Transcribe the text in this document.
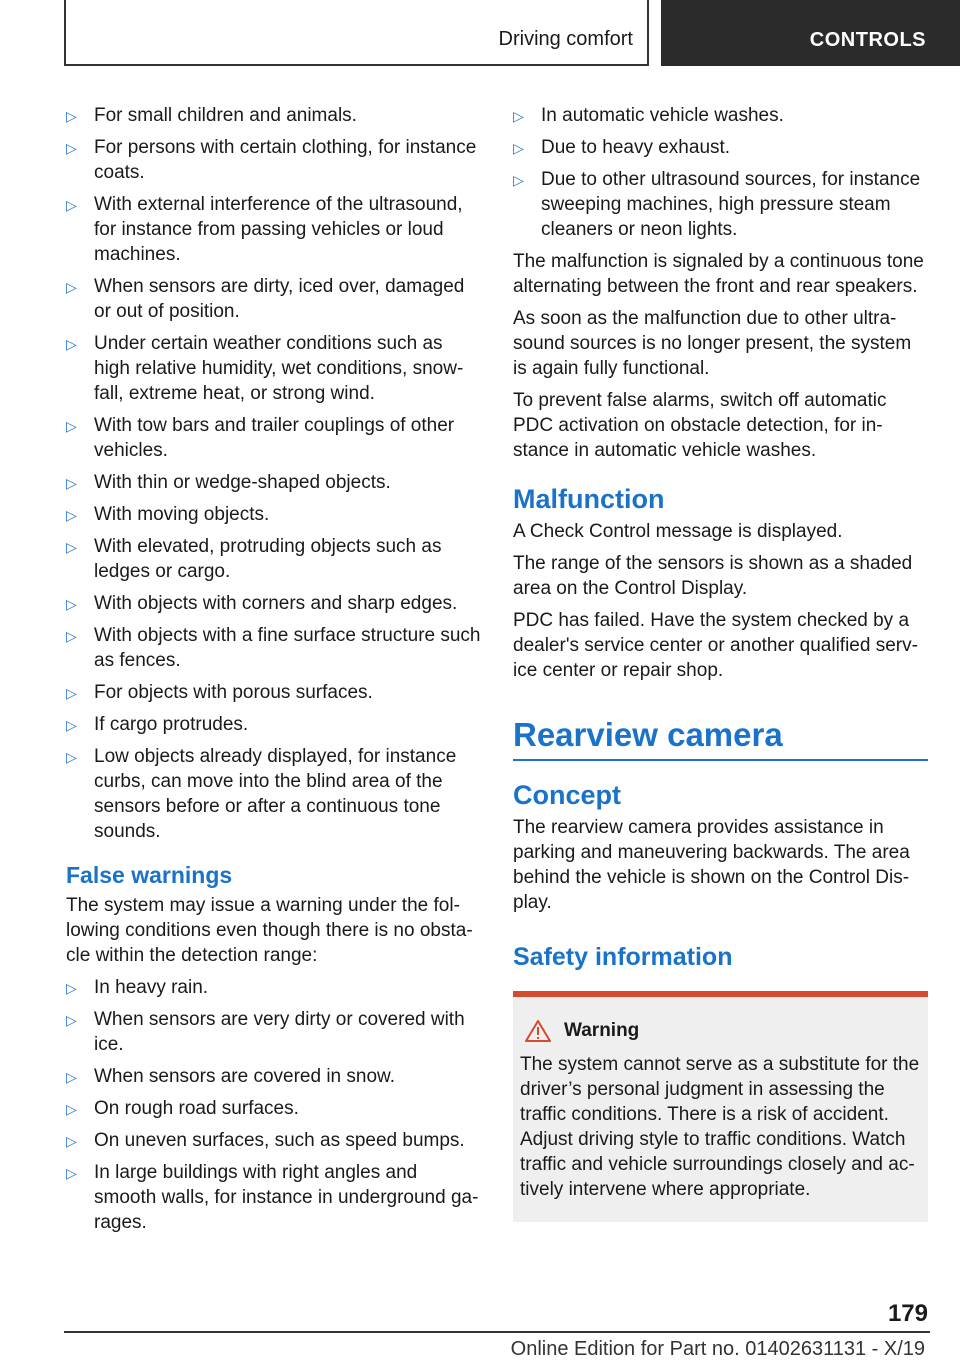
Driving comfort	CONTROLS
▷ For small children and animals.
▷ For persons with certain clothing, for instance coats.
▷ With external interference of the ultrasound, for instance from passing vehicles or loud machines.
▷ When sensors are dirty, iced over, damaged or out of position.
▷ Under certain weather conditions such as high relative humidity, wet conditions, snow-fall, extreme heat, or strong wind.
▷ With tow bars and trailer couplings of other vehicles.
▷ With thin or wedge-shaped objects.
▷ With moving objects.
▷ With elevated, protruding objects such as ledges or cargo.
▷ With objects with corners and sharp edges.
▷ With objects with a fine surface structure such as fences.
▷ For objects with porous surfaces.
▷ If cargo protrudes.
▷ Low objects already displayed, for instance curbs, can move into the blind area of the sensors before or after a continuous tone sounds.
False warnings

The system may issue a warning under the fol-lowing conditions even though there is no obsta-cle within the detection range:

▷ In heavy rain.
▷ When sensors are very dirty or covered with ice.
▷ When sensors are covered in snow.
▷ On rough road surfaces.
▷ On uneven surfaces, such as speed bumps.
▷ In large buildings with right angles and smooth walls, for instance in underground ga-rages.
▷ In automatic vehicle washes.
▷ Due to heavy exhaust.
▷ Due to other ultrasound sources, for instance sweeping machines, high pressure steam cleaners or neon lights.

The malfunction is signaled by a continuous tone alternating between the front and rear speakers.

As soon as the malfunction due to other ultra-sound sources is no longer present, the system is again fully functional.

To prevent false alarms, switch off automatic PDC activation on obstacle detection, for in-stance in automatic vehicle washes.

Malfunction

A Check Control message is displayed.

The range of the sensors is shown as a shaded area on the Control Display.

PDC has failed. Have the system checked by a dealer's service center or another qualified serv-ice center or repair shop.

Rearview camera
Concept

The rearview camera provides assistance in parking and maneuvering backwards. The area behind the vehicle is shown on the Control Dis-play.

Safety information
Warning

The system cannot serve as a substitute for the driver’s personal judgment in assessing the traffic conditions. There is a risk of accident. Adjust driving style to traffic conditions. Watch traffic and vehicle surroundings closely and ac-tively intervene where appropriate.

179
Online Edition for Part no. 01402631131 - X/19
